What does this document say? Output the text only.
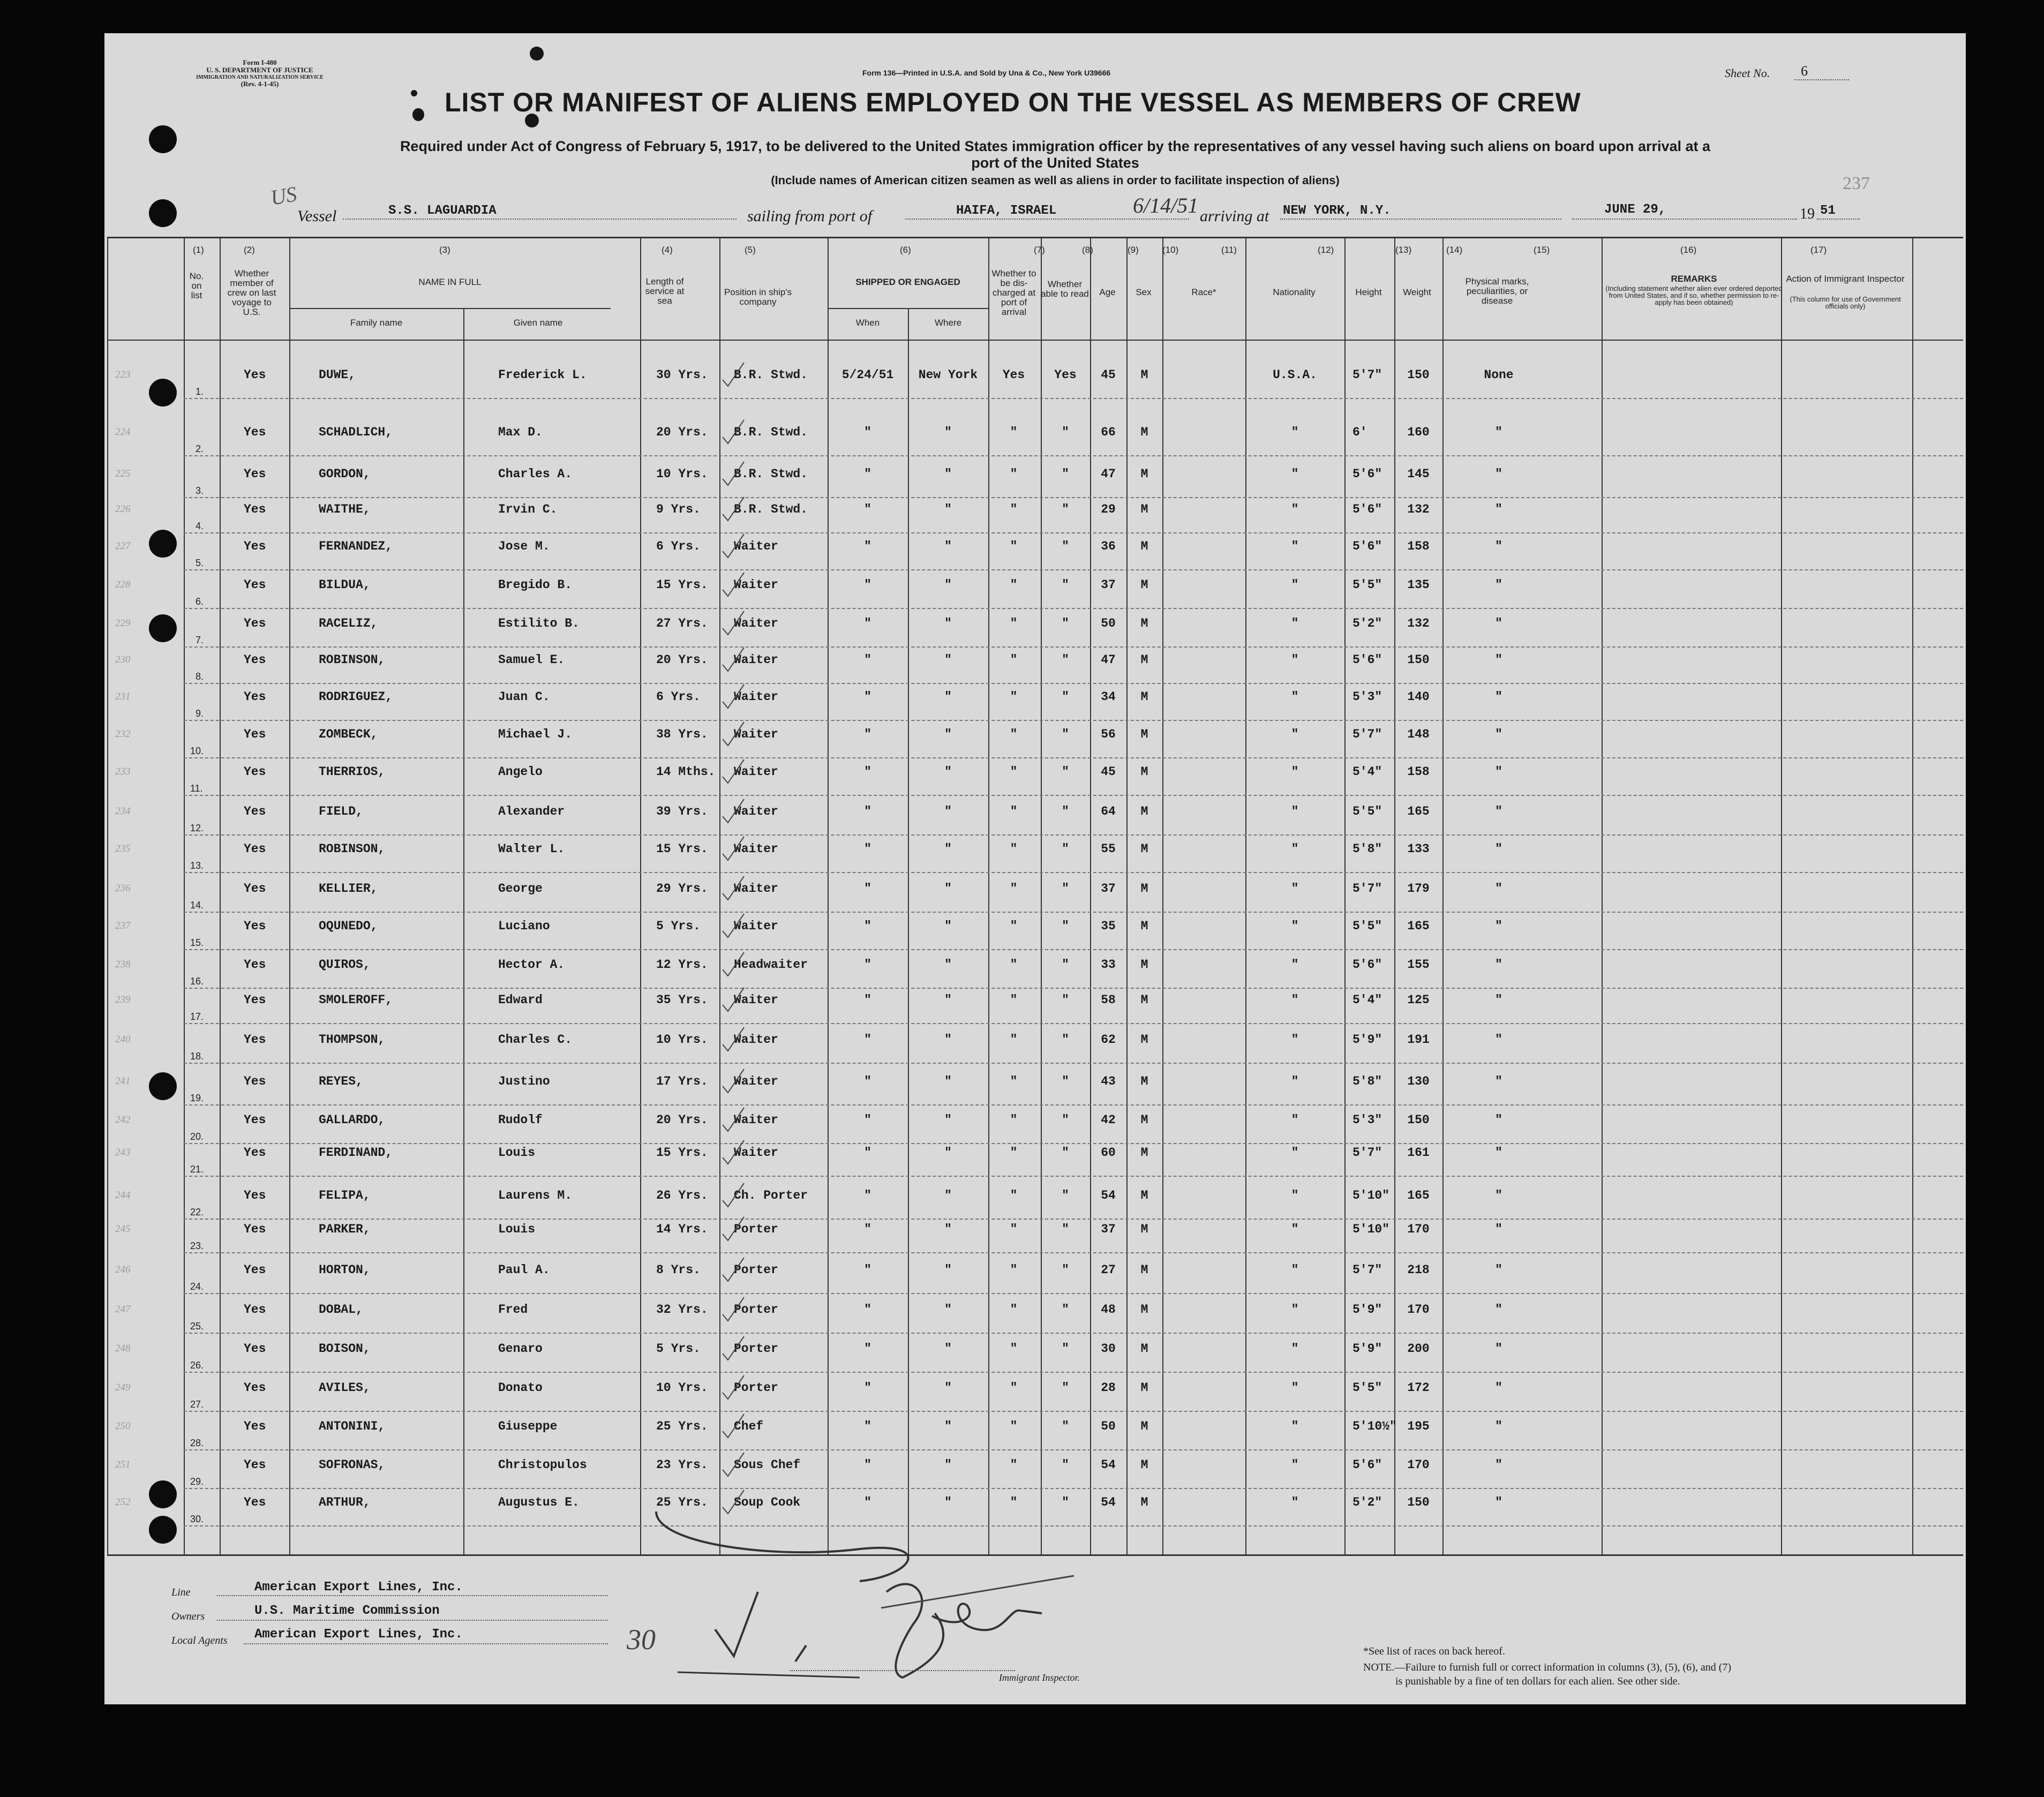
Form I-480
U. S. DEPARTMENT OF JUSTICE
IMMIGRATION AND NATURALIZATION SERVICE
(Rev. 4-1-45)
Form 136—Printed in U.S.A. and Sold by Una & Co., New York U39666	Sheet No.	6
LIST OR MANIFEST OF ALIENS EMPLOYED ON THE VESSEL AS MEMBERS OF CREW
Required under Act of Congress of February 5, 1917, to be delivered to the United States immigration officer by the representatives of any vessel having such aliens on board upon arrival at a
port of the United States
(Include names of American citizen seamen as well as aliens in order to facilitate inspection of aliens)	237
US
Vessel	S.S. LAGUARDIA	sailing from port of	HAIFA, ISRAEL	6/14/51 arriving at NEW YORK, N.Y.	JUNE 29,	19 51
(1)	(2)	(3)	(4)	(5)	(6)	(7)	(8)	(9)	(10)	(11)	(12)	(13)	(14)	(15)	(16)	(17)
No. on list
Whether member of crew on last voyage to U.S.
NAME IN FULL
Family name	Given name
Length of service at sea
Position in ship's company
SHIPPED OR ENGAGED
When	Where
Whether to be dis- charged at port of arrival
Whether able to read	Age	Sex	Race*	Nationality	Height	Weight
Physical marks, peculiarities, or disease
REMARKS
(Including statement whether alien ever ordered deported from United States, and if so, whether permission to re-apply has been obtained)
Action of Immigrant Inspector
(This column for use of Government officials only)
1.
223	Yes	DUWE,	Frederick L.	30 Yrs. B.R. Stwd.	5/24/51	New York	Yes	Yes	45	M	U.S.A.	5'7"	150	None
2.
224	Yes	SCHADLICH,	Max D.	20 Yrs. B.R. Stwd.	"	"	"	"	66	M	"	6'	160	"
3.
225	Yes	GORDON,	Charles A.	10 Yrs. B.R. Stwd.	"	"	"	"	47	M	"	5'6"	145	"
4.
226	Yes	WAITHE,	Irvin C.	9 Yrs.	B.R. Stwd.	"	"	"	"	29	M	"	5'6"	132	"
5.
227	Yes	FERNANDEZ,	Jose M.	6 Yrs.	Waiter	"	"	"	"	36	M	"	5'6"	158	"
6.
228	Yes	BILDUA,	Bregido B.	15 Yrs. Waiter	"	"	"	"	37	M	"	5'5"	135	"
7.
229	Yes	RACELIZ,	Estilito B.	27 Yrs. Waiter	"	"	"	"	50	M	"	5'2"	132	"
8.
230	Yes	ROBINSON,	Samuel E.	20 Yrs. Waiter	"	"	"	"	47	M	"	5'6"	150	"
9.
231	Yes	RODRIGUEZ,	Juan C.	6 Yrs.	Waiter	"	"	"	"	34	M	"	5'3"	140	"
10.
232	Yes	ZOMBECK,	Michael J.	38 Yrs. Waiter	"	"	"	"	56	M	"	5'7"	148	"
11.
233	Yes	THERRIOS,	Angelo	14 Mths. Waiter	"	"	"	"	45	M	"	5'4"	158	"
12.
234	Yes	FIELD,	Alexander	39 Yrs. Waiter	"	"	"	"	64	M	"	5'5"	165	"
13.
235	Yes	ROBINSON,	Walter L.	15 Yrs. Waiter	"	"	"	"	55	M	"	5'8"	133	"
14.
236	Yes	KELLIER,	George	29 Yrs. Waiter	"	"	"	"	37	M	"	5'7"	179	"
15.
237	Yes	OQUNEDO,	Luciano	5 Yrs.	Waiter	"	"	"	"	35	M	"	5'5"	165	"
16.
238	Yes	QUIROS,	Hector A.	12 Yrs. Headwaiter	"	"	"	"	33	M	"	5'6"	155	"
17.
239	Yes	SMOLEROFF,	Edward	35 Yrs. Waiter	"	"	"	"	58	M	"	5'4"	125	"
18.
240	Yes	THOMPSON,	Charles C.	10 Yrs. Waiter	"	"	"	"	62	M	"	5'9"	191	"
19.
241	Yes	REYES,	Justino	17 Yrs. Waiter	"	"	"	"	43	M	"	5'8"	130	"
20.
242	Yes	GALLARDO,	Rudolf	20 Yrs. Waiter	"	"	"	"	42	M	"	5'3"	150	"
21.
243	Yes	FERDINAND,	Louis	15 Yrs. Waiter	"	"	"	"	60	M	"	5'7"	161	"
22.
244	Yes	FELIPA,	Laurens M.	26 Yrs. Ch. Porter	"	"	"	"	54	M	"	5'10"	165	"
23.
245	Yes	PARKER,	Louis	14 Yrs. Porter	"	"	"	"	37	M	"	5'10"	170	"
24.
246	Yes	HORTON,	Paul A.	8 Yrs.	Porter	"	"	"	"	27	M	"	5'7"	218	"
25.
247	Yes	DOBAL,	Fred	32 Yrs. Porter	"	"	"	"	48	M	"	5'9"	170	"
26.
248	Yes	BOISON,	Genaro	5 Yrs.	Porter	"	"	"	"	30	M	"	5'9"	200	"
27.
249	Yes	AVILES,	Donato	10 Yrs. Porter	"	"	"	"	28	M	"	5'5"	172	"
28.
250	Yes	ANTONINI,	Giuseppe	25 Yrs. Chef	"	"	"	"	50	M	"	5'10½" 195	"
29.
251	Yes	SOFRONAS,	Christopulos	23 Yrs. Sous Chef	"	"	"	"	54	M	"	5'6"	170	"
30.
252	Yes	ARTHUR,	Augustus E.	25 Yrs. Soup Cook	"	"	"	"	54	M	"	5'2"	150	"
Line	American Export Lines, Inc.
Owners	U.S. Maritime Commission
Local Agents American Export Lines, Inc.	30
Immigrant Inspector.
*See list of races on back hereof.
NOTE.—Failure to furnish full or correct information in columns (3), (5), (6), and (7)
is punishable by a fine of ten dollars for each alien. See other side.
